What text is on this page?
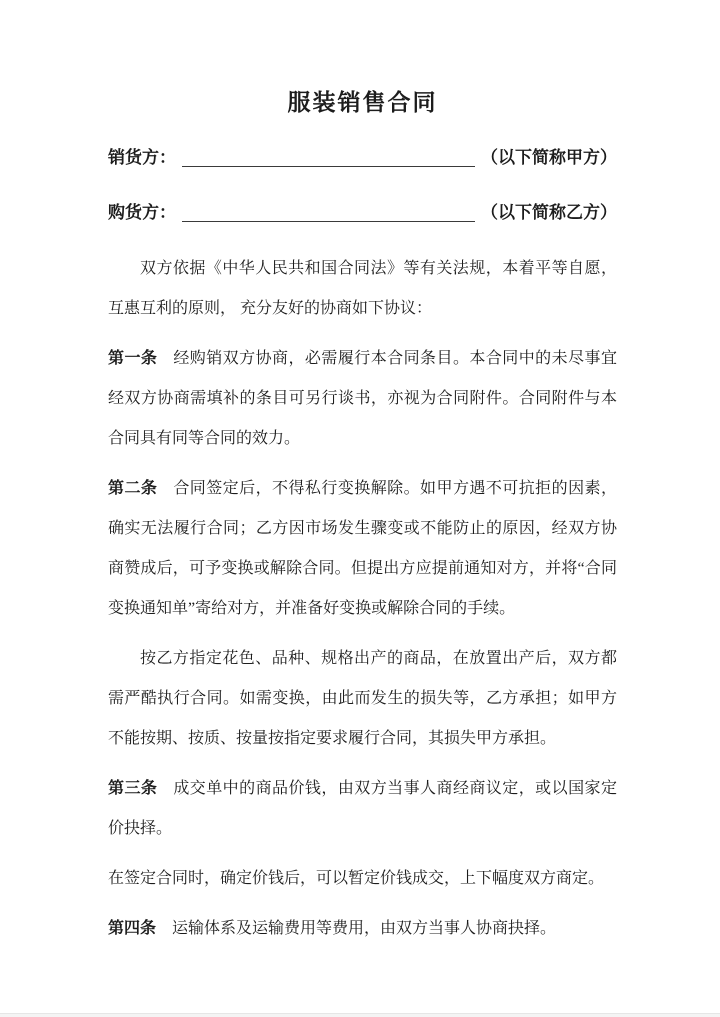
服装销售合同
销货方：	（以下简称甲方）
购货方：	（以下简称乙方）

双方依据《中华人民共和国合同法》等有关法规，本着平等自愿，互惠互利的原则， 充分友好的协商如下协议：

第一条 经购销双方协商，必需履行本合同条目。本合同中的未尽事宜经双方协商需填补的条目可另行谈书，亦视为合同附件。合同附件与本合同具有同等合同的效力。

第二条 合同签定后，不得私行变换解除。如甲方遇不可抗拒的因素，确实无法履行合同；乙方因市场发生骤变或不能防止的原因，经双方协商赞成后，可予变换或解除合同。但提出方应提前通知对方，并将“合同变换通知单”寄给对方，并准备好变换或解除合同的手续。

按乙方指定花色、品种、规格出产的商品，在放置出产后，双方都需严酷执行合同。如需变换，由此而发生的损失等，乙方承担；如甲方不能按期、按质、按量按指定要求履行合同，其损失甲方承担。

第三条 成交单中的商品价钱，由双方当事人商经商议定，或以国家定价抉择。

在签定合同时，确定价钱后，可以暂定价钱成交，上下幅度双方商定。

第四条 运输体系及运输费用等费用，由双方当事人协商抉择。
